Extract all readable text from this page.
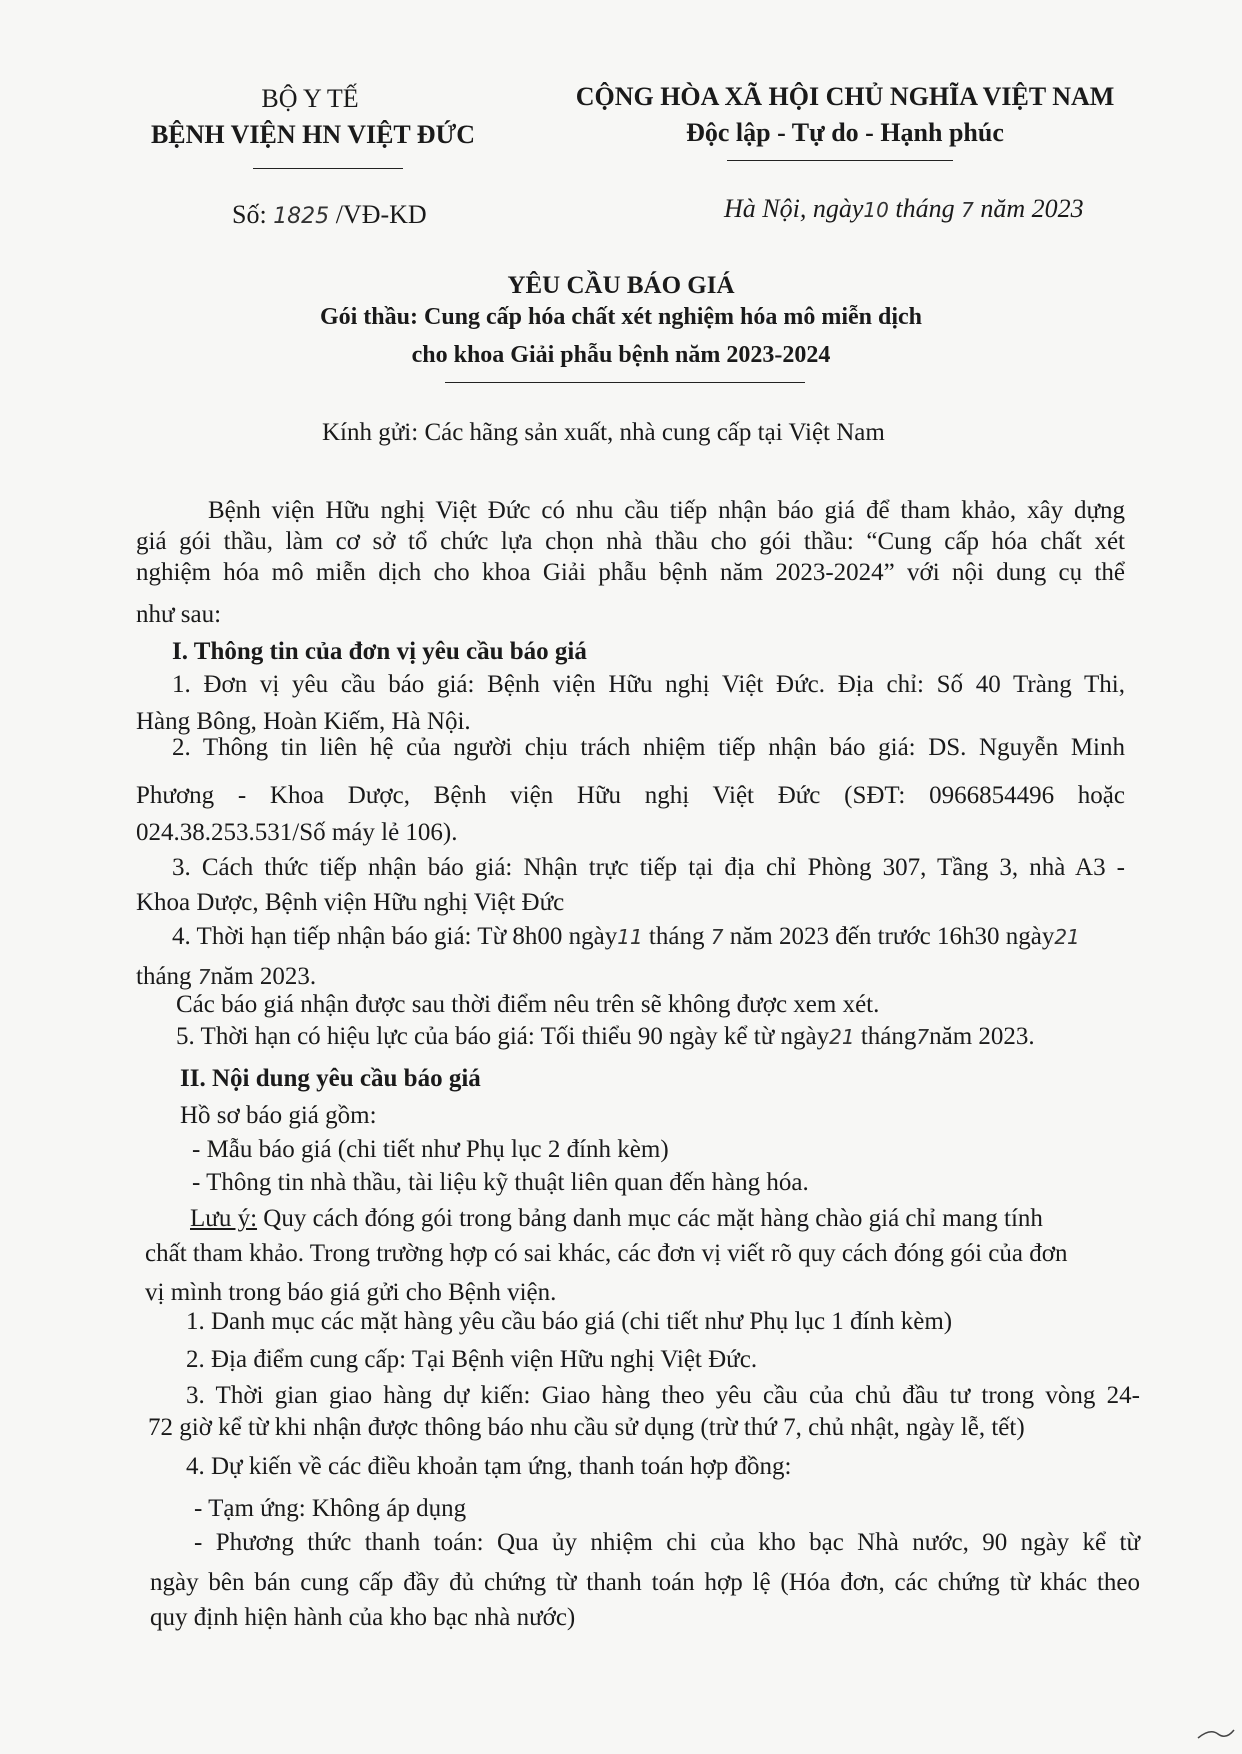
BỘ Y TẾ
BỆNH VIỆN HN VIỆT ĐỨC
CỘNG HÒA XÃ HỘI CHỦ NGHĨA VIỆT NAM
Độc lập - Tự do - Hạnh phúc
Số: 1825 /VĐ-KD	Hà Nội, ngày10 tháng 7 năm 2023
YÊU CẦU BÁO GIÁ
Gói thầu: Cung cấp hóa chất xét nghiệm hóa mô miễn dịch
cho khoa Giải phẫu bệnh năm 2023-2024
Kính gửi: Các hãng sản xuất, nhà cung cấp tại Việt Nam
Bệnh viện Hữu nghị Việt Đức có nhu cầu tiếp nhận báo giá để tham khảo, xây dựng
giá gói thầu, làm cơ sở tổ chức lựa chọn nhà thầu cho gói thầu: “Cung cấp hóa chất xét
nghiệm hóa mô miễn dịch cho khoa Giải phẫu bệnh năm 2023-2024” với nội dung cụ thể
như sau:
I. Thông tin của đơn vị yêu cầu báo giá
1. Đơn vị yêu cầu báo giá: Bệnh viện Hữu nghị Việt Đức. Địa chỉ: Số 40 Tràng Thi,
Hàng Bông, Hoàn Kiếm, Hà Nội.
2. Thông tin liên hệ của người chịu trách nhiệm tiếp nhận báo giá: DS. Nguyễn Minh
Phương - Khoa Dược, Bệnh viện Hữu nghị Việt Đức (SĐT: 0966854496 hoặc
024.38.253.531/Số máy lẻ 106).
3. Cách thức tiếp nhận báo giá: Nhận trực tiếp tại địa chỉ Phòng 307, Tầng 3, nhà A3 -
Khoa Dược, Bệnh viện Hữu nghị Việt Đức
4. Thời hạn tiếp nhận báo giá: Từ 8h00 ngày11 tháng 7 năm 2023 đến trước 16h30 ngày21
tháng 7năm 2023.
Các báo giá nhận được sau thời điểm nêu trên sẽ không được xem xét.
5. Thời hạn có hiệu lực của báo giá: Tối thiểu 90 ngày kể từ ngày21 tháng7năm 2023.
II. Nội dung yêu cầu báo giá
Hồ sơ báo giá gồm:
- Mẫu báo giá (chi tiết như Phụ lục 2 đính kèm)
- Thông tin nhà thầu, tài liệu kỹ thuật liên quan đến hàng hóa.
Lưu ý: Quy cách đóng gói trong bảng danh mục các mặt hàng chào giá chỉ mang tính
chất tham khảo. Trong trường hợp có sai khác, các đơn vị viết rõ quy cách đóng gói của đơn
vị mình trong báo giá gửi cho Bệnh viện.
1. Danh mục các mặt hàng yêu cầu báo giá (chi tiết như Phụ lục 1 đính kèm)
2. Địa điểm cung cấp: Tại Bệnh viện Hữu nghị Việt Đức.
3. Thời gian giao hàng dự kiến: Giao hàng theo yêu cầu của chủ đầu tư trong vòng 24-
72 giờ kể từ khi nhận được thông báo nhu cầu sử dụng (trừ thứ 7, chủ nhật, ngày lễ, tết)
4. Dự kiến về các điều khoản tạm ứng, thanh toán hợp đồng:
- Tạm ứng: Không áp dụng
- Phương thức thanh toán: Qua ủy nhiệm chi của kho bạc Nhà nước, 90 ngày kể từ
ngày bên bán cung cấp đầy đủ chứng từ thanh toán hợp lệ (Hóa đơn, các chứng từ khác theo
quy định hiện hành của kho bạc nhà nước)
